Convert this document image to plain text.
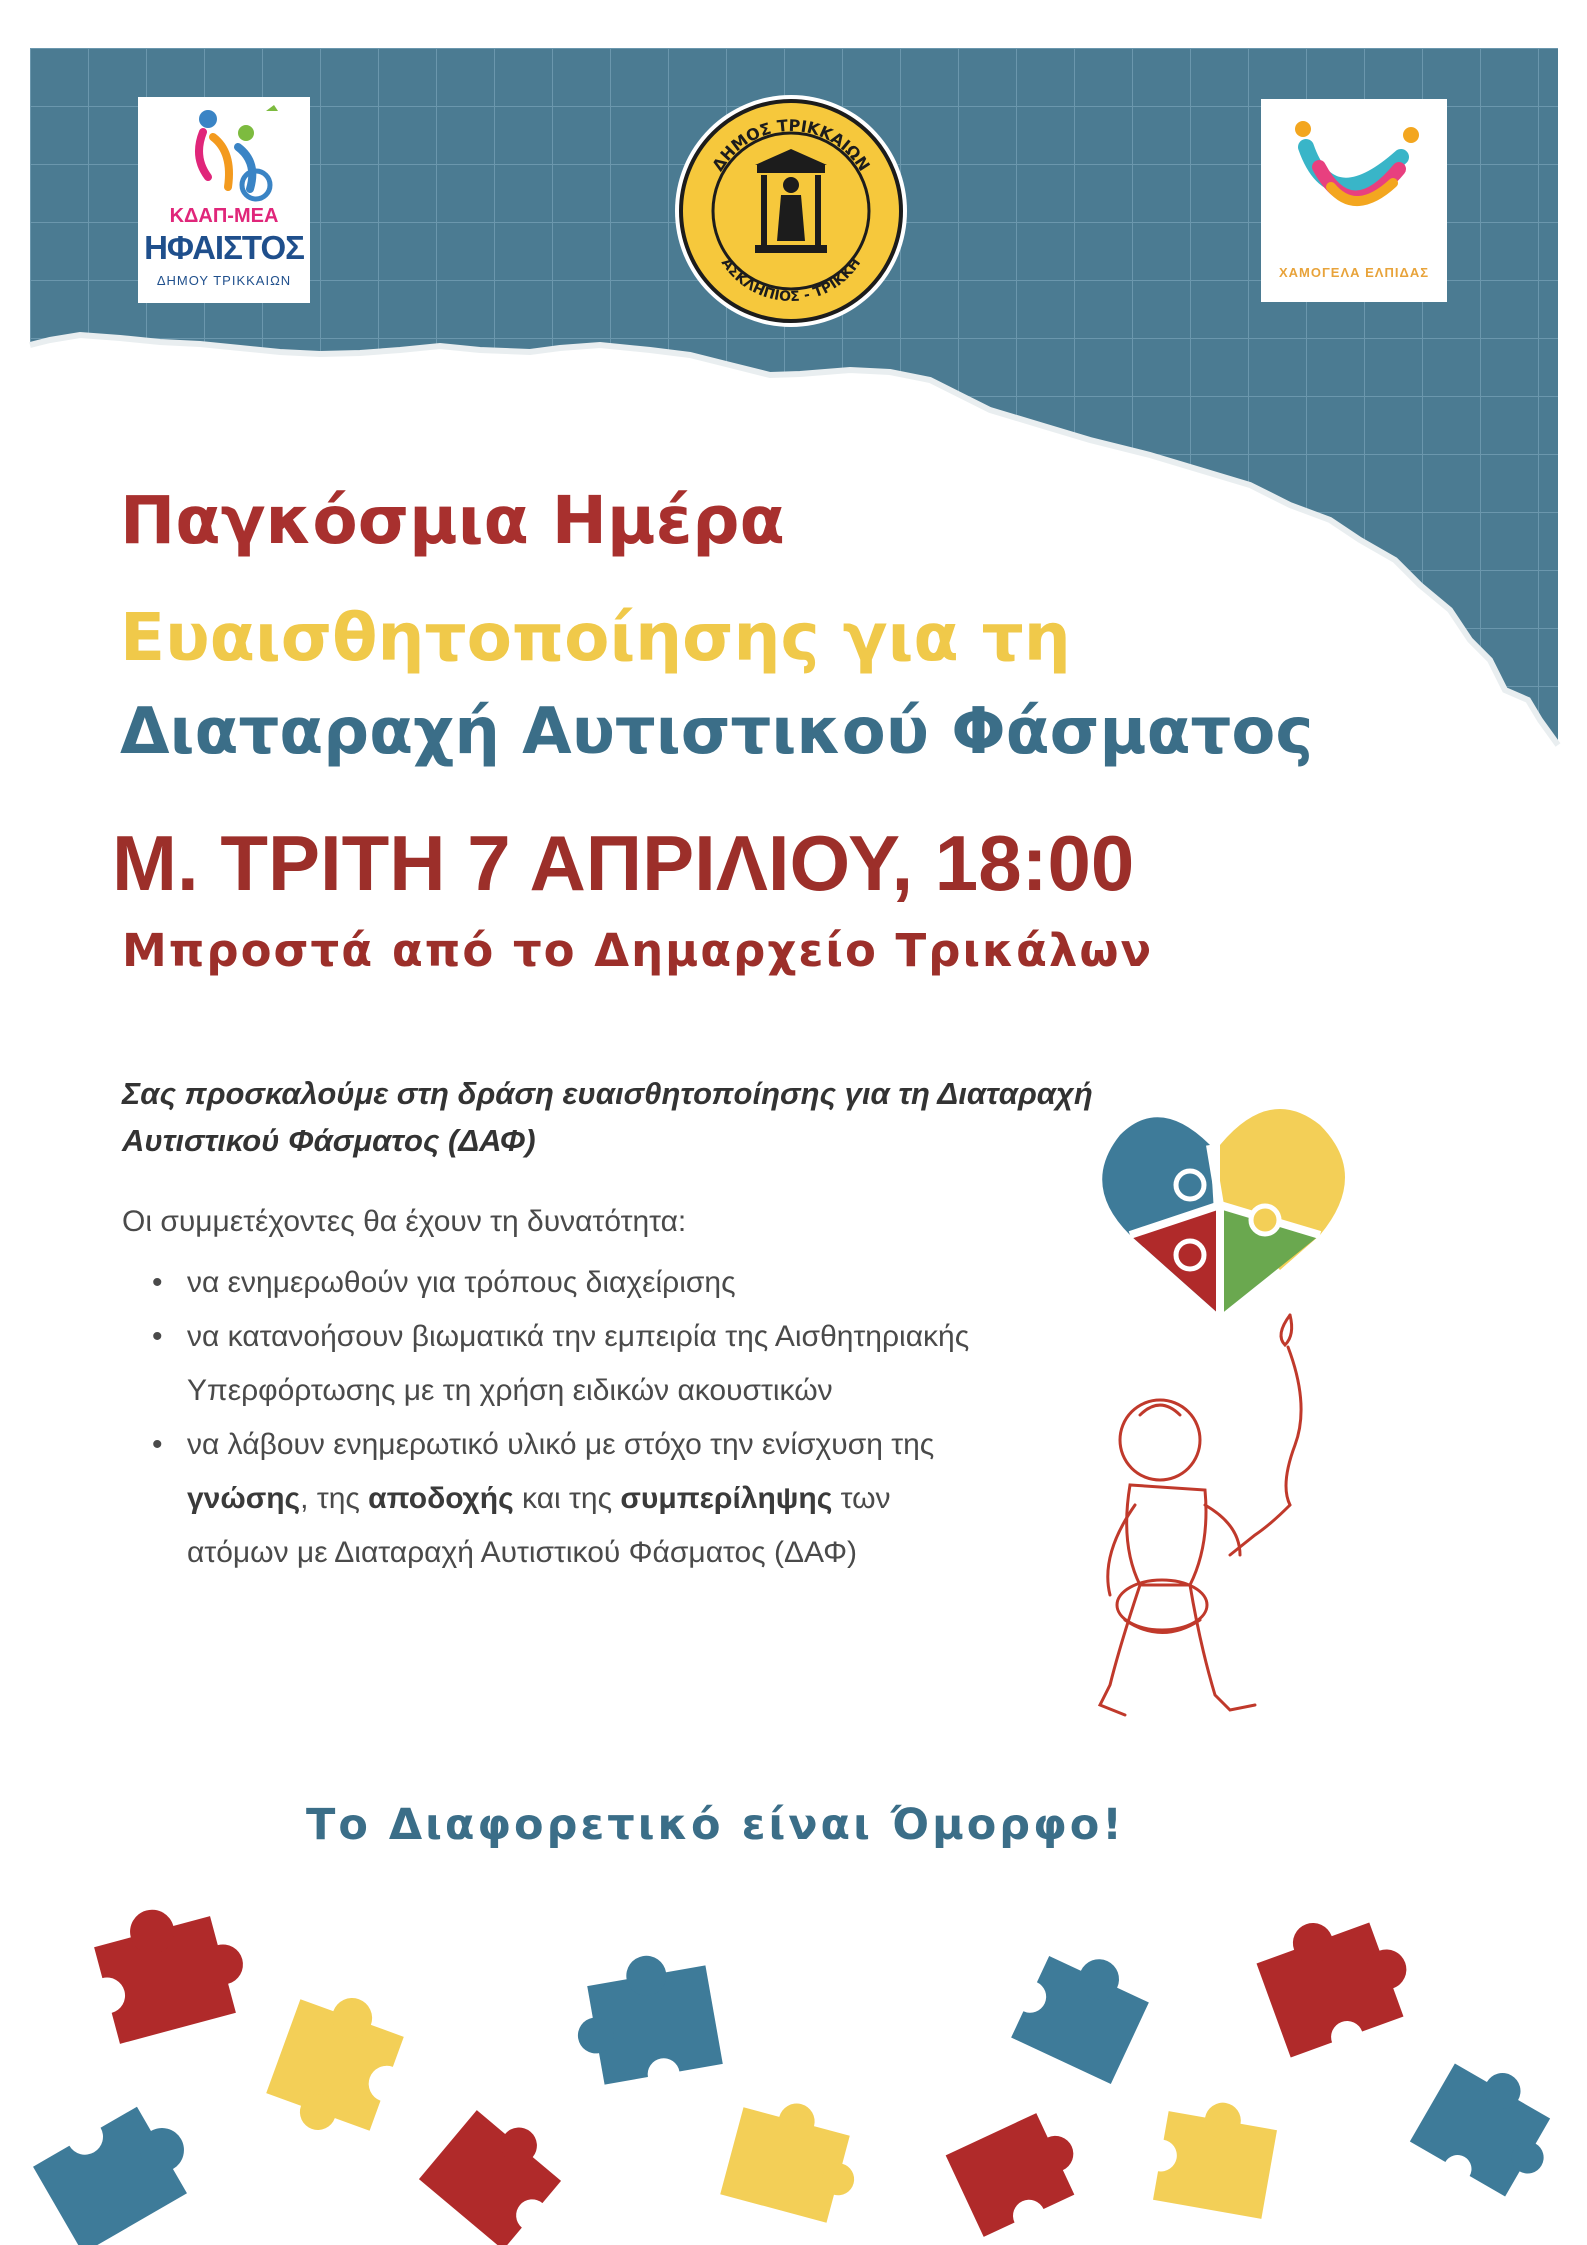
ΚΔΑΠ-ΜΕΑ
ΗΦΑΙΣΤΟΣ
ΔΗΜΟΥ ΤΡΙΚΚΑΙΩΝ
ΔΗΜΟΣ ΤΡΙΚΚΑΙΩΝ
ΑΣΚΛΗΠΙΟΣ - ΤΡΙΚΚΗ	ΧΑΜΟΓΕΛΑ ΕΛΠΙΔΑΣ
Παγκόσμια Ημέρα
Ευαισθητοποίησης για τη
Διαταραχή Αυτιστικού Φάσματος

Μ. ΤΡΙΤΗ 7 ΑΠΡΙΛΙΟΥ, 18:00

Μπροστά από το Δημαρχείο Τρικάλων

Σας προσκαλούμε στη δράση ευαισθητοποίησης για τη Διαταραχή Αυτιστικού Φάσματος (ΔΑΦ)

Οι συμμετέχοντες θα έχουν τη δυνατότητα:

• να ενημερωθούν για τρόπους διαχείρισης
• να κατανοήσουν βιωματικά την εμπειρία της Αισθητηριακής Υπερφόρτωσης με τη χρήση ειδικών ακουστικών
• να λάβουν ενημερωτικό υλικό με στόχο την ενίσχυση της γνώσης, της αποδοχής και της συμπερίληψης των ατόμων με Διαταραχή Αυτιστικού Φάσματος (ΔΑΦ)

Το Διαφορετικό είναι Όμορφο!
